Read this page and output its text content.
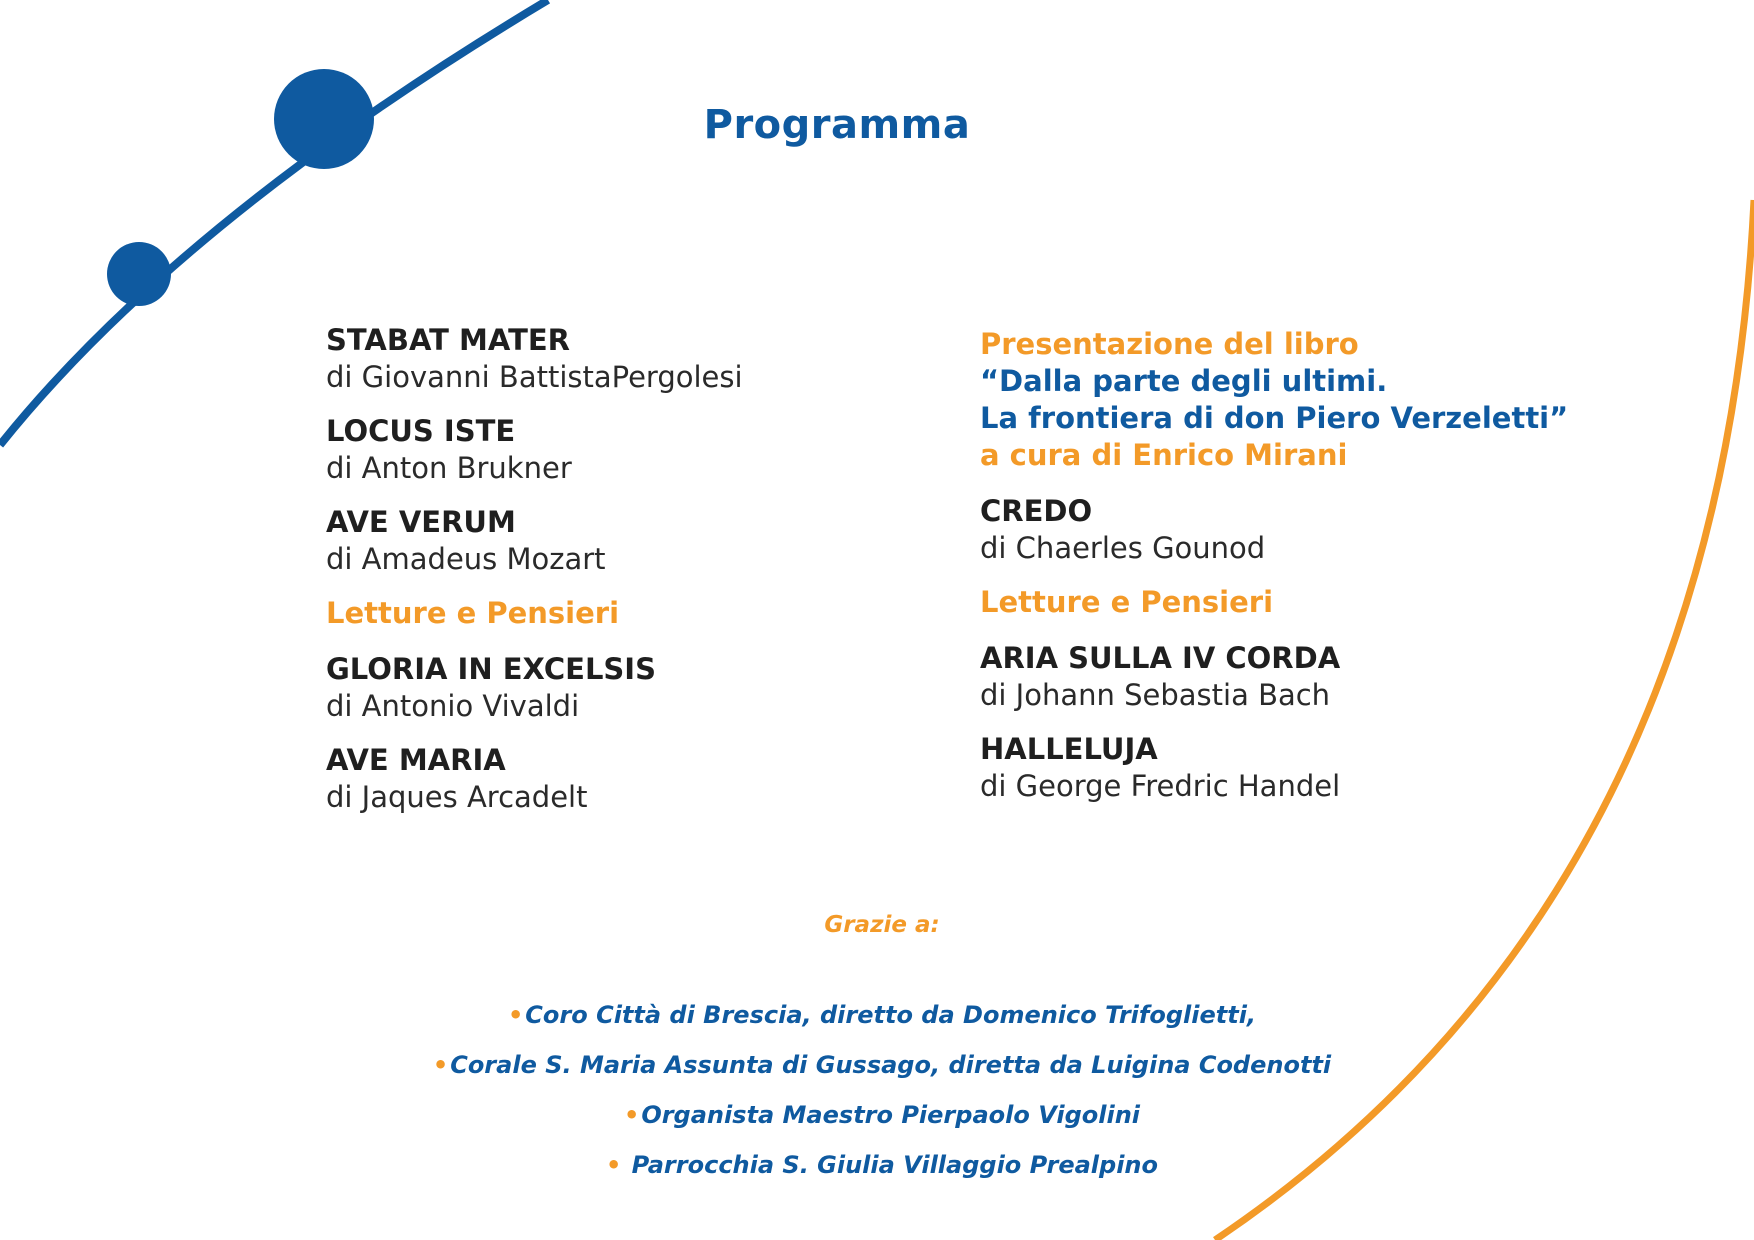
Programma
STABAT MATER
di Giovanni BattistaPergolesi
LOCUS ISTE
di Anton Brukner
AVE VERUM
di Amadeus Mozart
Letture e Pensieri
GLORIA IN EXCELSIS
di Antonio Vivaldi
AVE MARIA
di Jaques Arcadelt
Presentazione del libro
“Dalla parte degli ultimi.
La frontiera di don Piero Verzeletti”
a cura di Enrico Mirani
CREDO
di Chaerles Gounod
Letture e Pensieri
ARIA SULLA IV CORDA
di Johann Sebastia Bach
HALLELUJA
di George Fredric Handel
Grazie a:
•Coro Città di Brescia, diretto da Domenico Trifoglietti,
•Corale S. Maria Assunta di Gussago, diretta da Luigina Codenotti
•Organista Maestro Pierpaolo Vigolini
• Parrocchia S. Giulia Villaggio Prealpino
